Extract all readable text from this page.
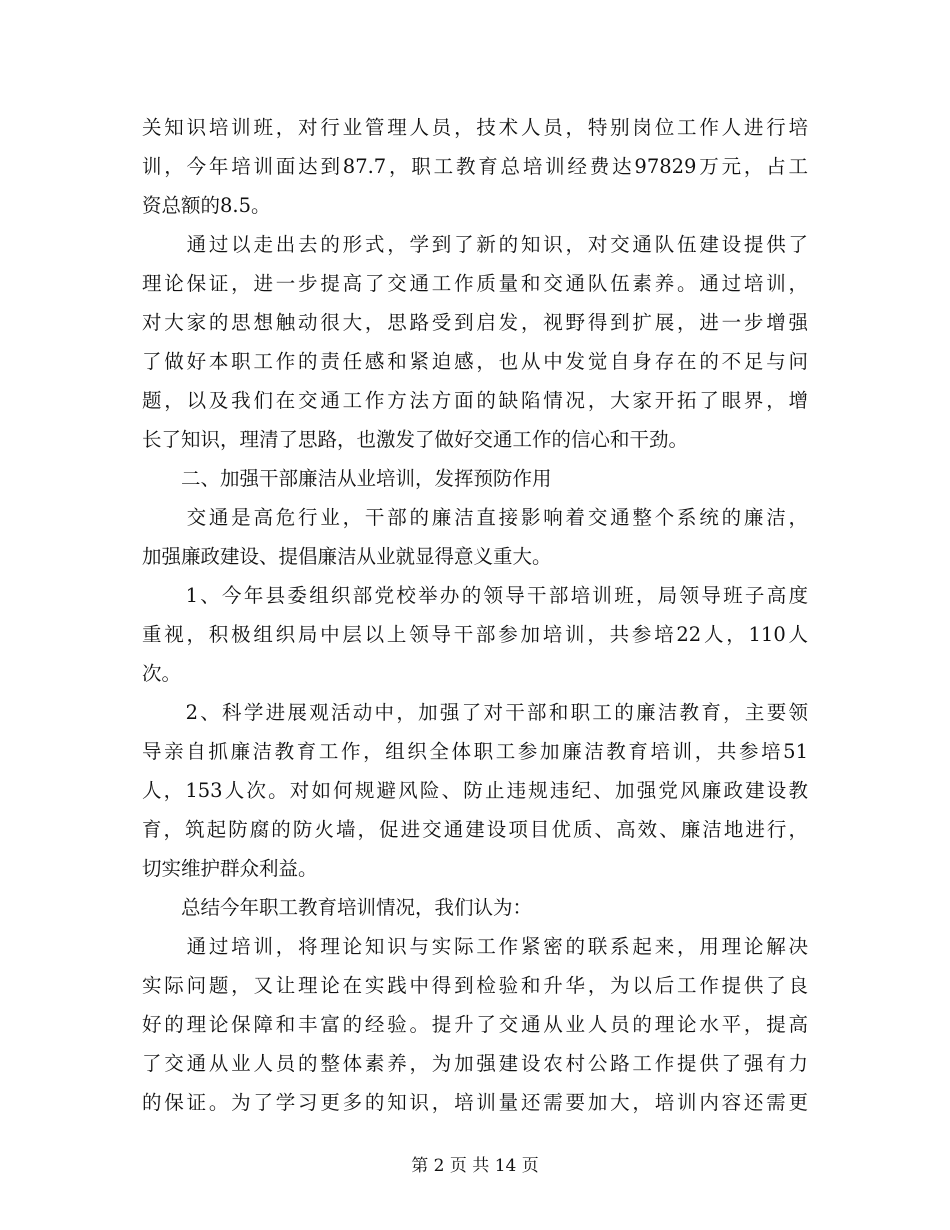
关知识培训班，对行业管理人员，技术人员，特别岗位工作人进行培
训，今年培训面达到87.7，职工教育总培训经费达97829万元，占工
资总额的8.5。
　　通过以走出去的形式，学到了新的知识，对交通队伍建设提供了
理论保证，进一步提高了交通工作质量和交通队伍素养。通过培训，
对大家的思想触动很大，思路受到启发，视野得到扩展，进一步增强
了做好本职工作的责任感和紧迫感，也从中发觉自身存在的不足与问
题，以及我们在交通工作方法方面的缺陷情况，大家开拓了眼界，增
长了知识，理清了思路，也激发了做好交通工作的信心和干劲。
　　二、加强干部廉洁从业培训，发挥预防作用
　　交通是高危行业，干部的廉洁直接影响着交通整个系统的廉洁，
加强廉政建设、提倡廉洁从业就显得意义重大。
　　1、今年县委组织部党校举办的领导干部培训班，局领导班子高度
重视，积极组织局中层以上领导干部参加培训，共参培22人，110人
次。
　　2、科学进展观活动中，加强了对干部和职工的廉洁教育，主要领
导亲自抓廉洁教育工作，组织全体职工参加廉洁教育培训，共参培51
人，153人次。对如何规避风险、防止违规违纪、加强党风廉政建设教
育，筑起防腐的防火墙，促进交通建设项目优质、高效、廉洁地进行，
切实维护群众利益。
　　总结今年职工教育培训情况，我们认为：
　　通过培训，将理论知识与实际工作紧密的联系起来，用理论解决
实际问题，又让理论在实践中得到检验和升华，为以后工作提供了良
好的理论保障和丰富的经验。提升了交通从业人员的理论水平，提高
了交通从业人员的整体素养，为加强建设农村公路工作提供了强有力
的保证。为了学习更多的知识，培训量还需要加大，培训内容还需更
第 2 页 共 14 页
